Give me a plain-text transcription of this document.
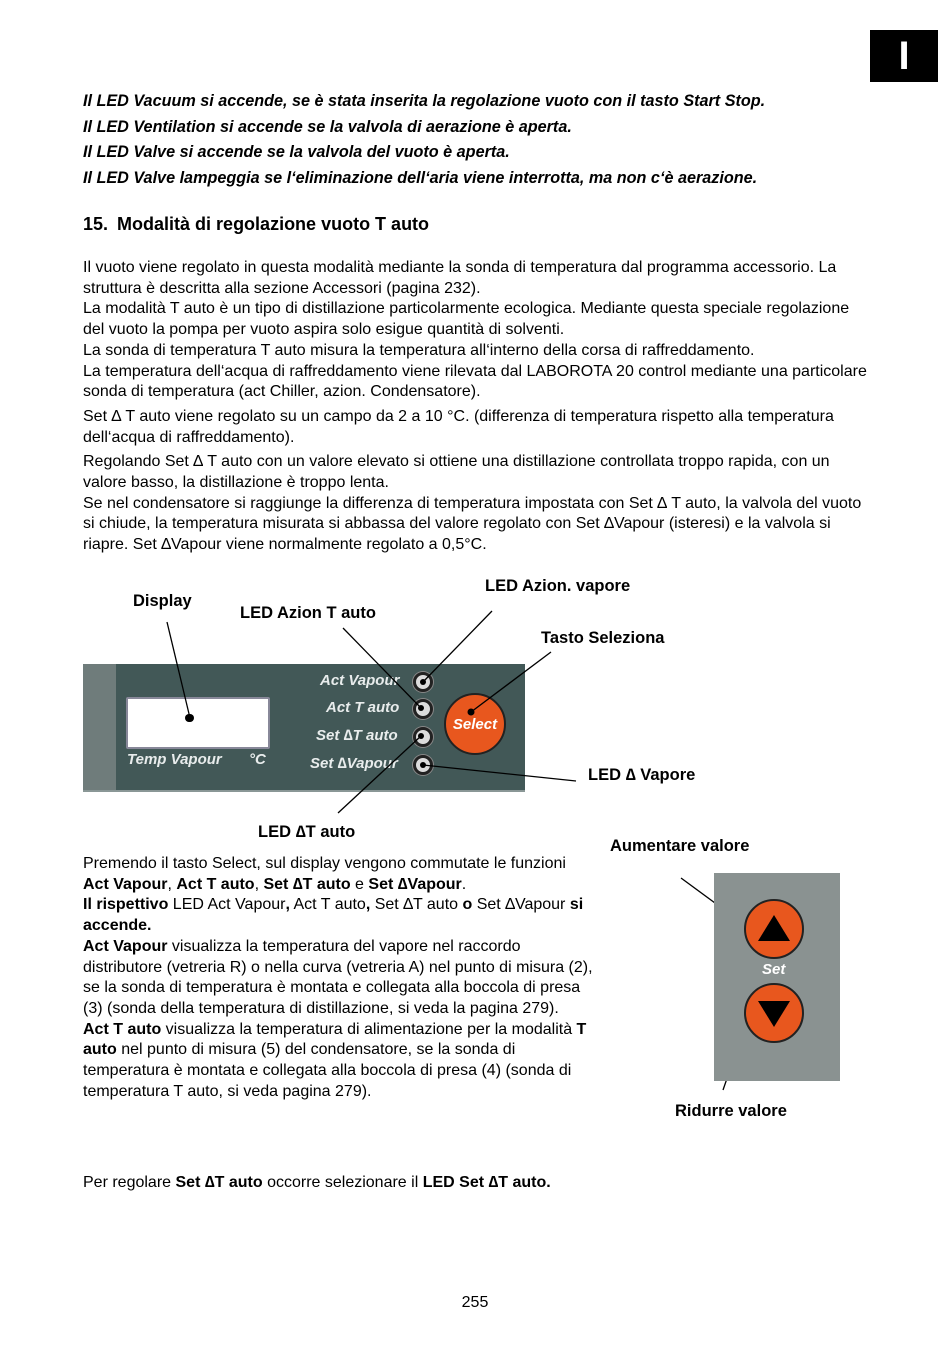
I

Il LED Vacuum si accende, se è stata inserita la regolazione vuoto con il tasto Start Stop.

Il LED Ventilation si accende se la valvola di aerazione è aperta.

Il LED Valve si accende se la valvola del vuoto è aperta.

Il LED Valve lampeggia se l‘eliminazione dell‘aria viene interrotta, ma non c‘è aerazione.

15. Modalità di regolazione vuoto T auto

Il vuoto viene regolato in questa modalità mediante la sonda di temperatura dal programma accessorio. La struttura è descritta alla sezione Accessori (pagina 232).

La modalità T auto è un tipo di distillazione particolarmente ecologica. Mediante questa speciale regolazione del vuoto la pompa per vuoto aspira solo esigue quantità di solventi.

La sonda di temperatura T auto misura la temperatura all‘interno della corsa di raffreddamento.

La temperatura dell‘acqua di raffreddamento viene rilevata dal LABOROTA 20 control mediante una particolare sonda di temperatura (act Chiller, azion. Condensatore).

Set ∆ T auto viene regolato su un campo da 2 a 10 °C. (differenza di temperatura rispetto alla temperatura dell‘acqua di raffreddamento).

Regolando Set ∆ T auto con un valore elevato si ottiene una distillazione controllata troppo rapida, con un valore basso, la distillazione è troppo lenta.

Se nel condensatore si raggiunge la differenza di temperatura impostata con Set ∆ T auto, la valvola del vuoto si chiude, la temperatura misurata si abbassa del valore regolato con Set ∆Vapour (isteresi) e la valvola si riapre. Set ∆Vapour viene normalmente regolato a 0,5°C.

Temp Vapour °C
Act Vapour
Act T auto
Set ∆T auto
Set ∆Vapour
Select
Display
LED Azion T auto
LED Azion. vapore
Tasto Seleziona
LED ∆ Vapore
LED ∆T auto

Premendo il tasto Select, sul display vengono commutate le funzioni Act Vapour, Act T auto, Set ∆T auto e Set ∆Vapour.

Il rispettivo LED Act Vapour, Act T auto, Set ∆T auto o Set ∆Vapour si accende.

Act Vapour visualizza la temperatura del vapore nel raccordo distributore (vetreria R) o nella curva (vetreria A) nel punto di misura (2), se la sonda di temperatura è montata e collegata alla boccola di presa (3) (sonda della temperatura di distillazione, si veda la pagina 279).

Act T auto visualizza la temperatura di alimentazione per la modalità T auto nel punto di misura (5) del condensatore, se la sonda di temperatura è montata e collegata alla boccola di presa (4) (sonda di temperatura T auto, si veda pagina 279).

Aumentare valore
Set
Ridurre valore
Per regolare Set ∆T auto occorre selezionare il LED Set ∆T auto.
255
